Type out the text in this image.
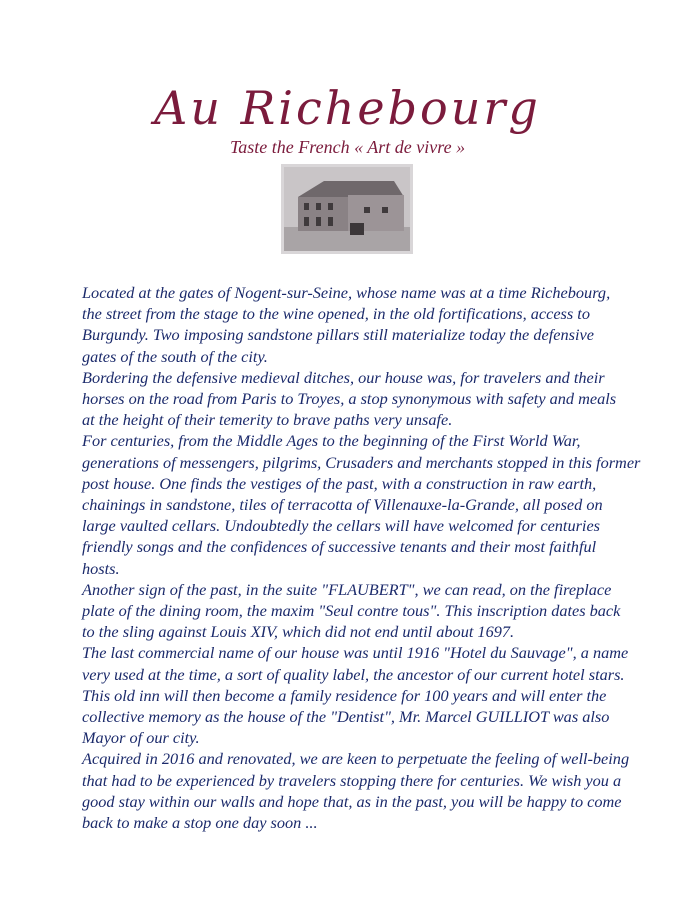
Au Richebourg
Taste the French « Art de vivre »
Located at the gates of Nogent-sur-Seine, whose name was at a time Richebourg,
the street from the stage to the wine opened, in the old fortifications, access to
Burgundy. Two imposing sandstone pillars still materialize today the defensive
gates of the south of the city.
Bordering the defensive medieval ditches, our house was, for travelers and their
horses on the road from Paris to Troyes, a stop synonymous with safety and meals
at the height of their temerity to brave paths very unsafe.
For centuries, from the Middle Ages to the beginning of the First World War,
generations of messengers, pilgrims, Crusaders and merchants stopped in this former
post house. One finds the vestiges of the past, with a construction in raw earth,
chainings in sandstone, tiles of terracotta of Villenauxe-la-Grande, all posed on
large vaulted cellars. Undoubtedly the cellars will have welcomed for centuries
friendly songs and the confidences of successive tenants and their most faithful
hosts.
Another sign of the past, in the suite "FLAUBERT", we can read, on the fireplace
plate of the dining room, the maxim "Seul contre tous". This inscription dates back
to the sling against Louis XIV, which did not end until about 1697.
The last commercial name of our house was until 1916 "Hotel du Sauvage", a name
very used at the time, a sort of quality label, the ancestor of our current hotel stars.
This old inn will then become a family residence for 100 years and will enter the
collective memory as the house of the "Dentist", Mr. Marcel GUILLIOT was also
Mayor of our city.
Acquired in 2016 and renovated, we are keen to perpetuate the feeling of well-being
that had to be experienced by travelers stopping there for centuries. We wish you a
good stay within our walls and hope that, as in the past, you will be happy to come
back to make a stop one day soon ...
